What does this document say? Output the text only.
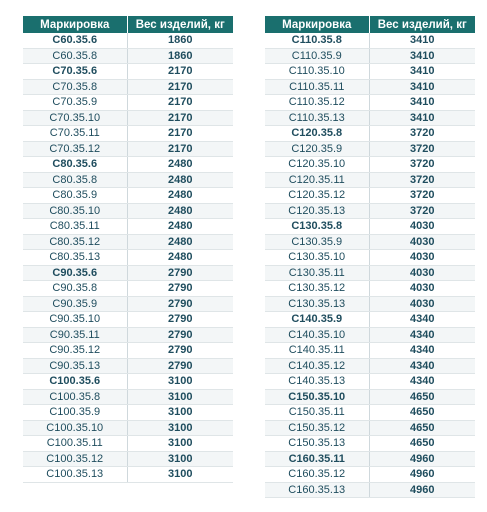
Маркировка	Вес изделий, кг
С60.35.6	1860
С60.35.8	1860
С70.35.6	2170
С70.35.8	2170
С70.35.9	2170
С70.35.10	2170
С70.35.11	2170
С70.35.12	2170
С80.35.6	2480
С80.35.8	2480
С80.35.9	2480
С80.35.10	2480
С80.35.11	2480
С80.35.12	2480
С80.35.13	2480
С90.35.6	2790
С90.35.8	2790
С90.35.9	2790
С90.35.10	2790
С90.35.11	2790
С90.35.12	2790
С90.35.13	2790
С100.35.6	3100
С100.35.8	3100
С100.35.9	3100
С100.35.10	3100
С100.35.11	3100
С100.35.12	3100
С100.35.13	3100
Маркировка	Вес изделий, кг
С110.35.8	3410
С110.35.9	3410
С110.35.10	3410
С110.35.11	3410
С110.35.12	3410
С110.35.13	3410
С120.35.8	3720
С120.35.9	3720
С120.35.10	3720
С120.35.11	3720
С120.35.12	3720
С120.35.13	3720
С130.35.8	4030
С130.35.9	4030
С130.35.10	4030
С130.35.11	4030
С130.35.12	4030
С130.35.13	4030
С140.35.9	4340
С140.35.10	4340
С140.35.11	4340
С140.35.12	4340
С140.35.13	4340
С150.35.10	4650
С150.35.11	4650
С150.35.12	4650
С150.35.13	4650
С160.35.11	4960
С160.35.12	4960
С160.35.13	4960
